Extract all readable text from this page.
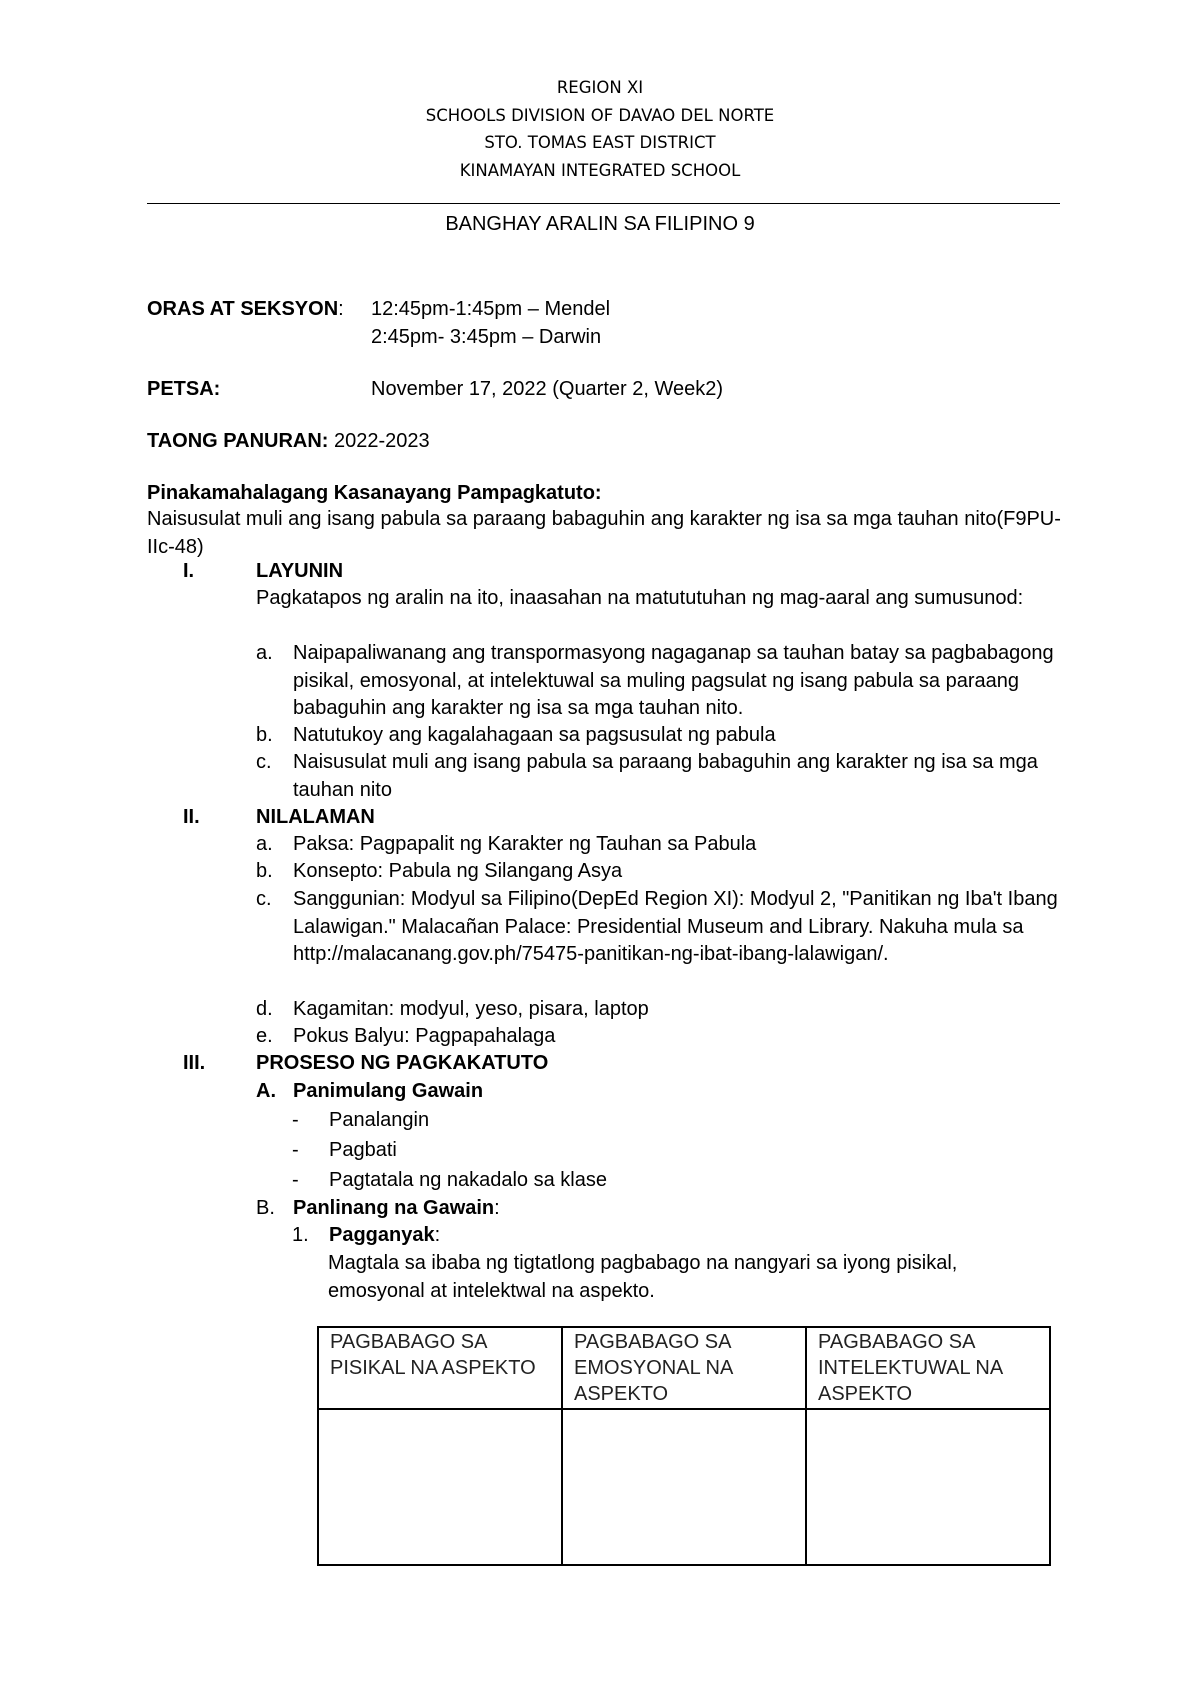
REGION XI
SCHOOLS DIVISION OF DAVAO DEL NORTE
STO. TOMAS EAST DISTRICT
KINAMAYAN INTEGRATED SCHOOL
BANGHAY ARALIN SA FILIPINO 9
ORAS AT SEKSYON: 12:45pm-1:45pm – Mendel
2:45pm- 3:45pm – Darwin
PETSA:	November 17, 2022 (Quarter 2, Week2)
TAONG PANURAN: 2022-2023
Pinakamahalagang Kasanayang Pampagkatuto:
Naisusulat muli ang isang pabula sa paraang babaguhin ang karakter ng isa sa mga tauhan nito(F9PU-IIc-48)
I.	LAYUNIN
Pagkatapos ng aralin na ito, inaasahan na matututuhan ng mag-aaral ang sumusunod:
a.	Naipapaliwanang ang transpormasyong nagaganap sa tauhan batay sa pagbabagong pisikal, emosyonal, at intelektuwal sa muling pagsulat ng isang pabula sa paraang babaguhin ang karakter ng isa sa mga tauhan nito.
b.	Natutukoy ang kagalahagaan sa pagsusulat ng pabula
c.	Naisusulat muli ang isang pabula sa paraang babaguhin ang karakter ng isa sa mga tauhan nito
II.	NILALAMAN
a.	Paksa: Pagpapalit ng Karakter ng Tauhan sa Pabula
b.	Konsepto: Pabula ng Silangang Asya
c.	Sanggunian: Modyul sa Filipino(DepEd Region XI): Modyul 2, "Panitikan ng Iba't Ibang Lalawigan." Malacañan Palace: Presidential Museum and Library. Nakuha mula sa http://malacanang.gov.ph/75475-panitikan-ng-ibat-ibang-lalawigan/.
d.	Kagamitan: modyul, yeso, pisara, laptop
e.	Pokus Balyu: Pagpapahalaga
III.	PROSESO NG PAGKAKATUTO
A. Panimulang Gawain
- Panalangin
- Pagbati
- Pagtatala ng nakadalo sa klase
B. Panlinang na Gawain:
1. Pagganyak:
Magtala sa ibaba ng tigtatlong pagbabago na nangyari sa iyong pisikal, emosyonal at intelektwal na aspekto.
PAGBABAGO SA PISIKAL NA ASPEKTO	PAGBABAGO SA EMOSYONAL NA ASPEKTO	PAGBABAGO SA INTELEKTUWAL NA ASPEKTO
